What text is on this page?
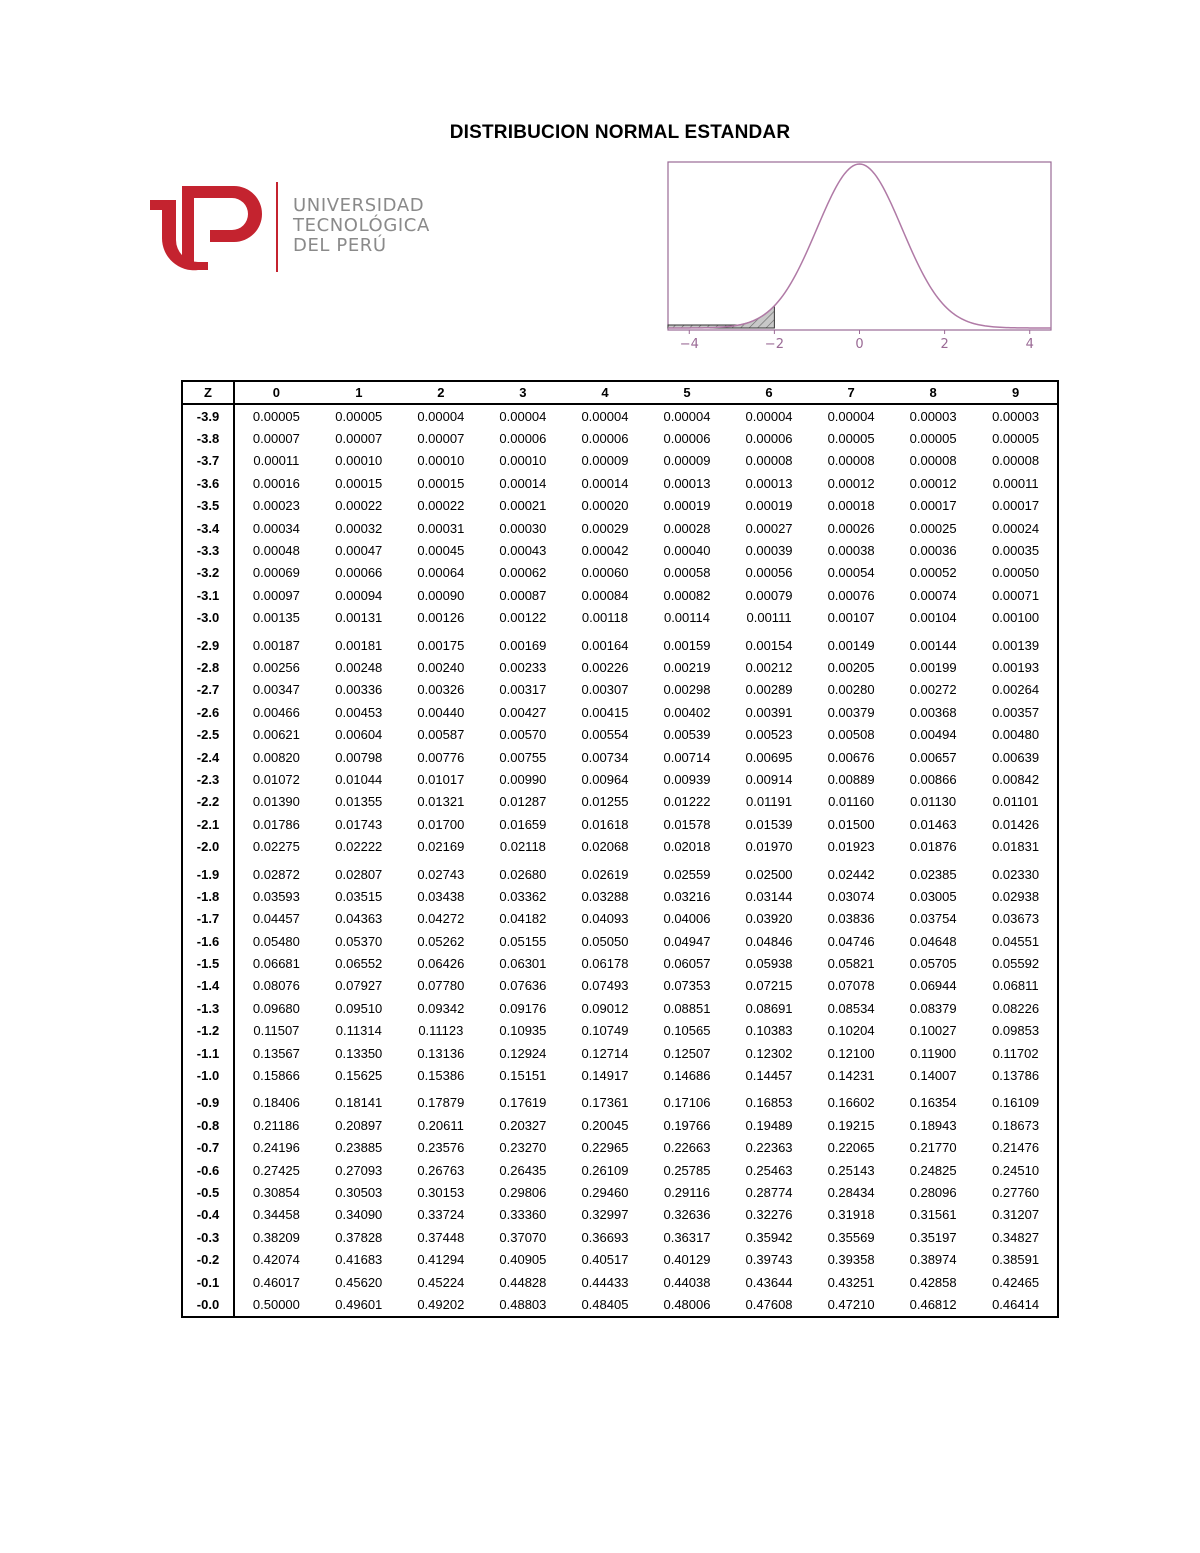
DISTRIBUCION NORMAL ESTANDAR
UNIVERSIDAD
TECNOLÓGICA
DEL PERÚ
−4	−2	0	2	4
Z	0	1	2	3	4	5	6	7	8	9
-3.9	0.00005	0.00005	0.00004	0.00004	0.00004	0.00004	0.00004	0.00004	0.00003	0.00003
-3.8	0.00007	0.00007	0.00007	0.00006	0.00006	0.00006	0.00006	0.00005	0.00005	0.00005
-3.7	0.00011	0.00010	0.00010	0.00010	0.00009	0.00009	0.00008	0.00008	0.00008	0.00008
-3.6	0.00016	0.00015	0.00015	0.00014	0.00014	0.00013	0.00013	0.00012	0.00012	0.00011
-3.5	0.00023	0.00022	0.00022	0.00021	0.00020	0.00019	0.00019	0.00018	0.00017	0.00017
-3.4	0.00034	0.00032	0.00031	0.00030	0.00029	0.00028	0.00027	0.00026	0.00025	0.00024
-3.3	0.00048	0.00047	0.00045	0.00043	0.00042	0.00040	0.00039	0.00038	0.00036	0.00035
-3.2	0.00069	0.00066	0.00064	0.00062	0.00060	0.00058	0.00056	0.00054	0.00052	0.00050
-3.1	0.00097	0.00094	0.00090	0.00087	0.00084	0.00082	0.00079	0.00076	0.00074	0.00071
-3.0	0.00135	0.00131	0.00126	0.00122	0.00118	0.00114	0.00111	0.00107	0.00104	0.00100
-2.9	0.00187	0.00181	0.00175	0.00169	0.00164	0.00159	0.00154	0.00149	0.00144	0.00139
-2.8	0.00256	0.00248	0.00240	0.00233	0.00226	0.00219	0.00212	0.00205	0.00199	0.00193
-2.7	0.00347	0.00336	0.00326	0.00317	0.00307	0.00298	0.00289	0.00280	0.00272	0.00264
-2.6	0.00466	0.00453	0.00440	0.00427	0.00415	0.00402	0.00391	0.00379	0.00368	0.00357
-2.5	0.00621	0.00604	0.00587	0.00570	0.00554	0.00539	0.00523	0.00508	0.00494	0.00480
-2.4	0.00820	0.00798	0.00776	0.00755	0.00734	0.00714	0.00695	0.00676	0.00657	0.00639
-2.3	0.01072	0.01044	0.01017	0.00990	0.00964	0.00939	0.00914	0.00889	0.00866	0.00842
-2.2	0.01390	0.01355	0.01321	0.01287	0.01255	0.01222	0.01191	0.01160	0.01130	0.01101
-2.1	0.01786	0.01743	0.01700	0.01659	0.01618	0.01578	0.01539	0.01500	0.01463	0.01426
-2.0	0.02275	0.02222	0.02169	0.02118	0.02068	0.02018	0.01970	0.01923	0.01876	0.01831
-1.9	0.02872	0.02807	0.02743	0.02680	0.02619	0.02559	0.02500	0.02442	0.02385	0.02330
-1.8	0.03593	0.03515	0.03438	0.03362	0.03288	0.03216	0.03144	0.03074	0.03005	0.02938
-1.7	0.04457	0.04363	0.04272	0.04182	0.04093	0.04006	0.03920	0.03836	0.03754	0.03673
-1.6	0.05480	0.05370	0.05262	0.05155	0.05050	0.04947	0.04846	0.04746	0.04648	0.04551
-1.5	0.06681	0.06552	0.06426	0.06301	0.06178	0.06057	0.05938	0.05821	0.05705	0.05592
-1.4	0.08076	0.07927	0.07780	0.07636	0.07493	0.07353	0.07215	0.07078	0.06944	0.06811
-1.3	0.09680	0.09510	0.09342	0.09176	0.09012	0.08851	0.08691	0.08534	0.08379	0.08226
-1.2	0.11507	0.11314	0.11123	0.10935	0.10749	0.10565	0.10383	0.10204	0.10027	0.09853
-1.1	0.13567	0.13350	0.13136	0.12924	0.12714	0.12507	0.12302	0.12100	0.11900	0.11702
-1.0	0.15866	0.15625	0.15386	0.15151	0.14917	0.14686	0.14457	0.14231	0.14007	0.13786
-0.9	0.18406	0.18141	0.17879	0.17619	0.17361	0.17106	0.16853	0.16602	0.16354	0.16109
-0.8	0.21186	0.20897	0.20611	0.20327	0.20045	0.19766	0.19489	0.19215	0.18943	0.18673
-0.7	0.24196	0.23885	0.23576	0.23270	0.22965	0.22663	0.22363	0.22065	0.21770	0.21476
-0.6	0.27425	0.27093	0.26763	0.26435	0.26109	0.25785	0.25463	0.25143	0.24825	0.24510
-0.5	0.30854	0.30503	0.30153	0.29806	0.29460	0.29116	0.28774	0.28434	0.28096	0.27760
-0.4	0.34458	0.34090	0.33724	0.33360	0.32997	0.32636	0.32276	0.31918	0.31561	0.31207
-0.3	0.38209	0.37828	0.37448	0.37070	0.36693	0.36317	0.35942	0.35569	0.35197	0.34827
-0.2	0.42074	0.41683	0.41294	0.40905	0.40517	0.40129	0.39743	0.39358	0.38974	0.38591
-0.1	0.46017	0.45620	0.45224	0.44828	0.44433	0.44038	0.43644	0.43251	0.42858	0.42465
-0.0	0.50000	0.49601	0.49202	0.48803	0.48405	0.48006	0.47608	0.47210	0.46812	0.46414
